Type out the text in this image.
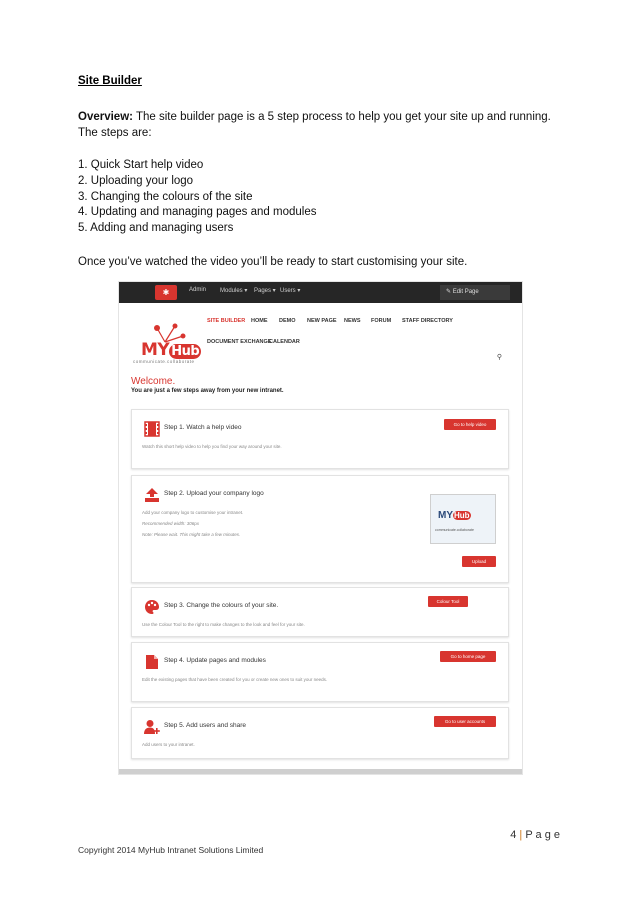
Site Builder
Overview: The site builder page is a 5 step process to help you get your site up and running. The steps are:
1. Quick Start help video
2. Uploading your logo
3. Changing the colours of the site
4. Updating and managing pages and modules
5. Adding and managing users
Once you’ve watched the video you’ll be ready to start customising your site.
✱	Admin Modules ▾ Pages ▾ Users ▾	✎ Edit Page
MY Hub
communicate.collaborate
SITE BUILDER HOME DEMO NEW PAGE NEWS FORUM STAFF DIRECTORY
DOCUMENT EXCHANGE
CALENDAR
⚲
Welcome.
You are just a few steps away from your new intranet.
Step 1. Watch a help video
Watch this short help video to help you find your way around your site.
Go to help video
Step 2. Upload your company logo
Add your company logo to customise your intranet.
Recommended width: 306px
Note: Please wait. This might take a few minutes.
MYHub
communicate.collaborate
Upload
Step 3. Change the colours of your site.
Use the Colour Tool to the right to make changes to the look and feel for your site.
Colour Tool
Step 4. Update pages and modules
Edit the existing pages that have been created for you or create new ones to suit your needs.
Go to home page
Step 5. Add users and share
Add users to your intranet.
Go to user accounts
4 | P a g e
Copyright 2014 MyHub Intranet Solutions Limited
